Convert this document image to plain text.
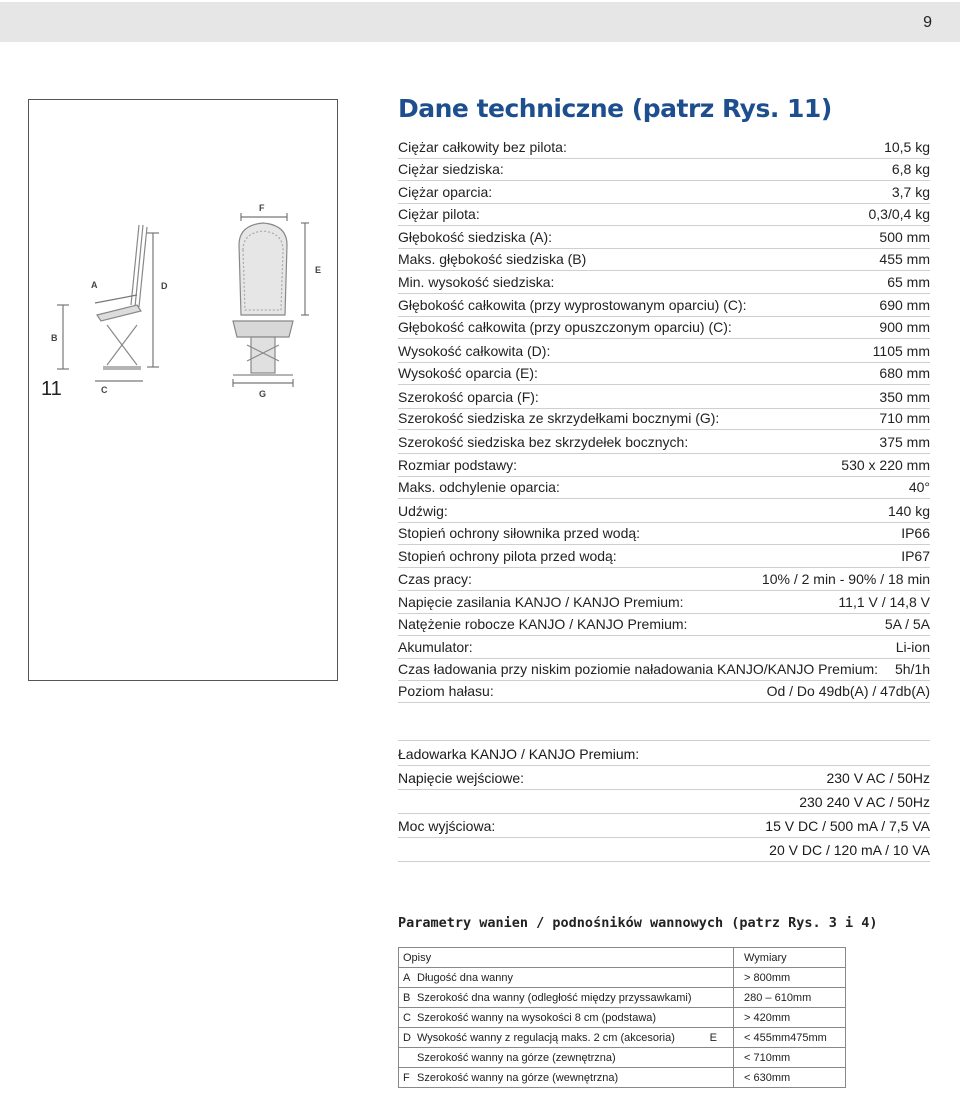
9
A
B
C
D
E
F
G
11
Dane techniczne (patrz Rys. 11)
Ciężar całkowity bez pilota:	10,5 kg
Ciężar siedziska:	6,8 kg
Ciężar oparcia:	3,7 kg
Ciężar pilota:	0,3/0,4 kg
Głębokość siedziska (A):	500 mm
Maks. głębokość siedziska (B)	455 mm
Min. wysokość siedziska:	65 mm
Głębokość całkowita (przy wyprostowanym oparciu) (C):	690 mm
Głębokość całkowita (przy opuszczonym oparciu) (C):	900 mm
Wysokość całkowita (D):	1105 mm
Wysokość oparcia (E):	680 mm
Szerokość oparcia (F):	350 mm
Szerokość siedziska ze skrzydełkami bocznymi (G):	710 mm
Szerokość siedziska bez skrzydełek bocznych:	375 mm
Rozmiar podstawy:	530 x 220 mm
Maks. odchylenie oparcia:	40°
Udźwig:	140 kg
Stopień ochrony siłownika przed wodą:	IP66
Stopień ochrony pilota przed wodą:	IP67
Czas pracy:	10% / 2 min - 90% / 18 min
Napięcie zasilania KANJO / KANJO Premium:	11,1 V / 14,8 V
Natężenie robocze KANJO / KANJO Premium:	5A / 5A
Akumulator:	Li-ion
Czas ładowania przy niskim poziomie naładowania KANJO/KANJO Premium: 5h/1h
Poziom hałasu:	Od / Do 49db(A) / 47db(A)
Ładowarka KANJO / KANJO Premium:
Napięcie wejściowe:	230 V AC / 50Hz
230 240 V AC / 50Hz
Moc wyjściowa:	15 V DC / 500 mA / 7,5 VA
20 V DC / 120 mA / 10 VA
Parametry wanien / podnośników wannowych (patrz Rys. 3 i 4)
Opisy	Wymiary
A Długość dna wanny	> 800mm
B Szerokość dna wanny (odległość między przyssawkami)	280 – 610mm
C Szerokość wanny na wysokości 8 cm (podstawa)	> 420mm
D Wysokość wanny z regulacją maks. 2 cm (akcesoria) E	< 455mm475mm
Szerokość wanny na górze (zewnętrzna)	< 710mm
F Szerokość wanny na górze (wewnętrzna)	< 630mm
